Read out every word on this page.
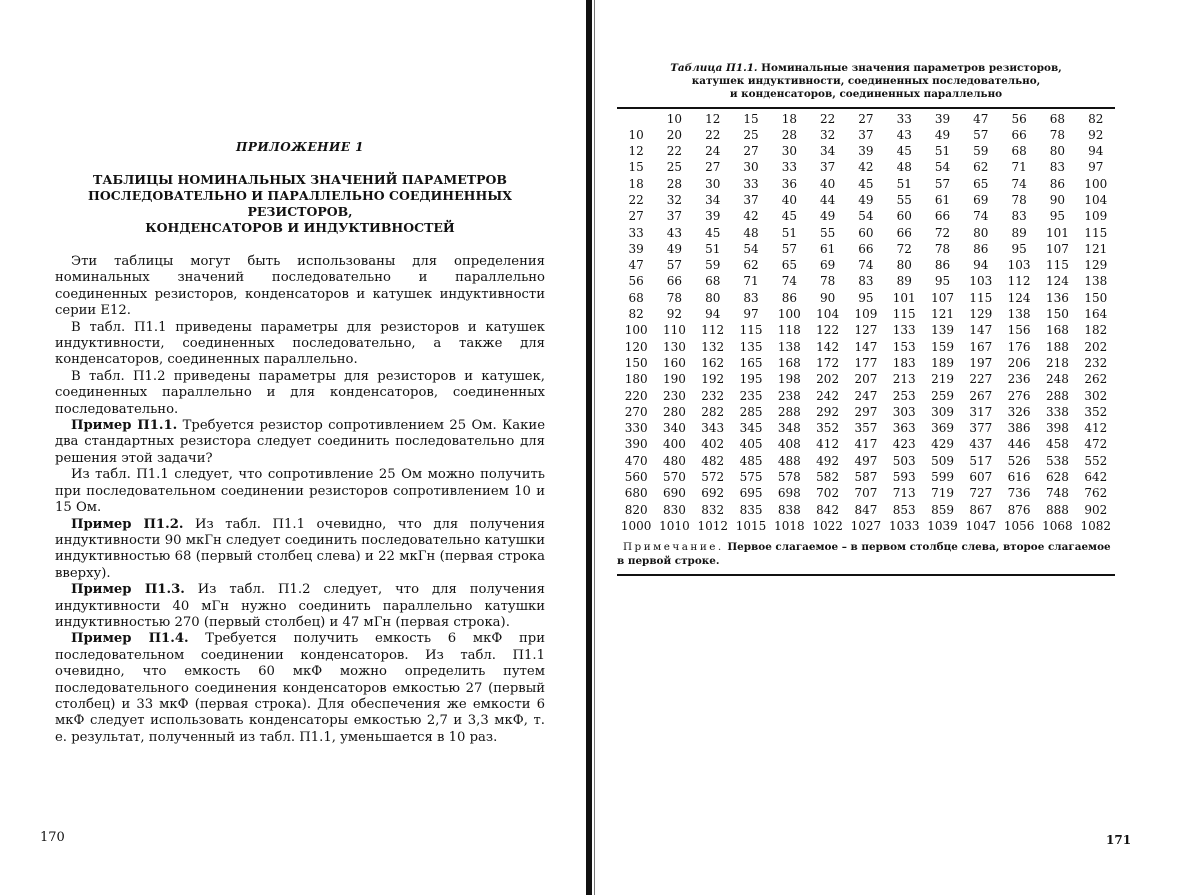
ПРИЛОЖЕНИЕ 1
ТАБЛИЦЫ НОМИНАЛЬНЫХ ЗНАЧЕНИЙ ПАРАМЕТРОВ
ПОСЛЕДОВАТЕЛЬНО И ПАРАЛЛЕЛЬНО СОЕДИНЕННЫХ РЕЗИСТОРОВ,
КОНДЕНСАТОРОВ И ИНДУКТИВНОСТЕЙ

Эти таблицы могут быть использованы для определения номинальных значений последовательно и параллельно соединенных резисторов, конденсаторов и катушек индуктивности серии Е12.

В табл. П1.1 приведены параметры для резисторов и катушек индуктивности, соединенных последовательно, а также для конденсаторов, соединенных параллельно.

В табл. П1.2 приведены параметры для резисторов и катушек, соединенных параллельно и для конденсаторов, соединенных последовательно.

Пример П1.1. Требуется резистор сопротивлением 25 Ом. Какие два стандартных резистора следует соединить последовательно для решения этой задачи?

Из табл. П1.1 следует, что сопротивление 25 Ом можно получить при последовательном соединении резисторов сопротивлением 10 и 15 Ом.

Пример П1.2. Из табл. П1.1 очевидно, что для получения индуктивности 90 мкГн следует соединить последовательно катушки индуктивностью 68 (первый столбец слева) и 22 мкГн (первая строка вверху).

Пример П1.3. Из табл. П1.2 следует, что для получения индуктивности 40 мГн нужно соединить параллельно катушки индуктивностью 270 (первый столбец) и 47 мГн (первая строка).

Пример П1.4. Требуется получить емкость 6 мкФ при последовательном соединении конденсаторов. Из табл. П1.1 очевидно, что емкость 60 мкФ можно определить путем последовательного соединения конденсаторов емкостью 27 (первый столбец) и 33 мкФ (первая строка). Для обеспечения же емкости 6 мкФ следует использовать конденсаторы емкостью 2,7 и 3,3 мкФ, т. е. результат, полученный из табл. П1.1, уменьшается в 10 раз.

170
Таблица П1.1. Номинальные значения параметров резисторов,
катушек индуктивности, соединенных последовательно,
и конденсаторов, соединенных параллельно
	10	12	15	18	22	27	33	39	47	56	68	82
10	20	22	25	28	32	37	43	49	57	66	78	92
12	22	24	27	30	34	39	45	51	59	68	80	94
15	25	27	30	33	37	42	48	54	62	71	83	97
18	28	30	33	36	40	45	51	57	65	74	86	100
22	32	34	37	40	44	49	55	61	69	78	90	104
27	37	39	42	45	49	54	60	66	74	83	95	109
33	43	45	48	51	55	60	66	72	80	89	101	115
39	49	51	54	57	61	66	72	78	86	95	107	121
47	57	59	62	65	69	74	80	86	94	103	115	129
56	66	68	71	74	78	83	89	95	103	112	124	138
68	78	80	83	86	90	95	101	107	115	124	136	150
82	92	94	97	100	104	109	115	121	129	138	150	164
100	110	112	115	118	122	127	133	139	147	156	168	182
120	130	132	135	138	142	147	153	159	167	176	188	202
150	160	162	165	168	172	177	183	189	197	206	218	232
180	190	192	195	198	202	207	213	219	227	236	248	262
220	230	232	235	238	242	247	253	259	267	276	288	302
270	280	282	285	288	292	297	303	309	317	326	338	352
330	340	343	345	348	352	357	363	369	377	386	398	412
390	400	402	405	408	412	417	423	429	437	446	458	472
470	480	482	485	488	492	497	503	509	517	526	538	552
560	570	572	575	578	582	587	593	599	607	616	628	642
680	690	692	695	698	702	707	713	719	727	736	748	762
820	830	832	835	838	842	847	853	859	867	876	888	902
1000	1010	1012	1015	1018	1022	1027	1033	1039	1047	1056	1068	1082
Примечание. Первое слагаемое – в первом столбце слева, второе слагаемое в первой строке.
171
